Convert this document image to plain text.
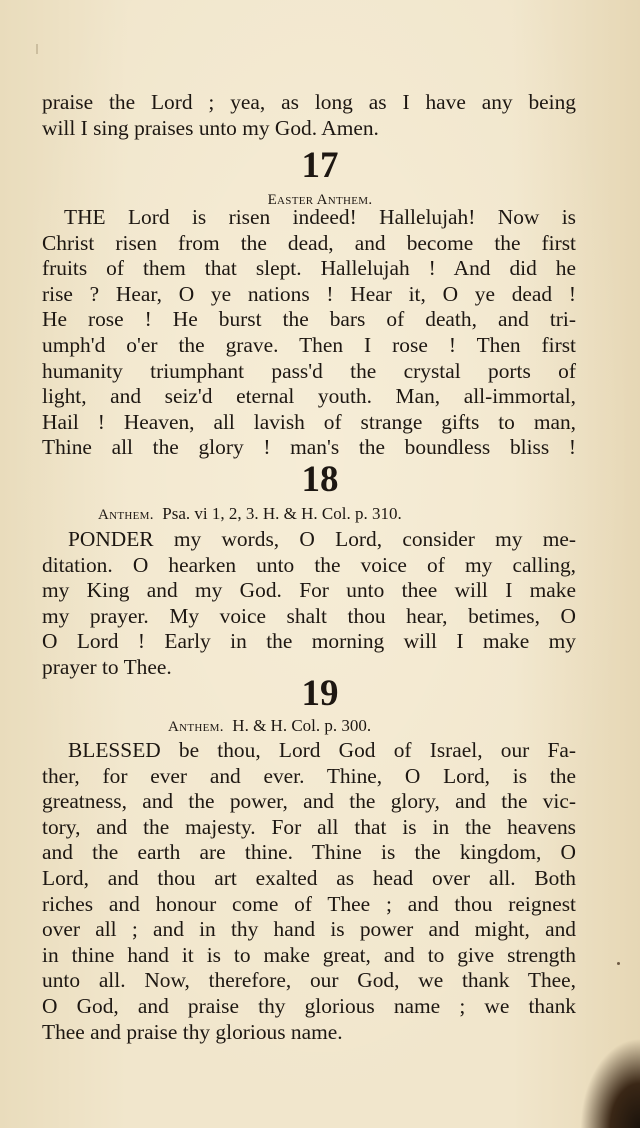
praise the Lord ; yea, as long as I have any being
will I sing praises unto my God. Amen.
17
Easter Anthem.
THE Lord is risen indeed! Hallelujah! Now is
Christ risen from the dead, and become the first
fruits of them that slept. Hallelujah ! And did he
rise ? Hear, O ye nations ! Hear it, O ye dead !
He rose ! He burst the bars of death, and tri-
umph'd o'er the grave. Then I rose ! Then first
humanity triumphant pass'd the crystal ports of
light, and seiz'd eternal youth. Man, all-immortal,
Hail ! Heaven, all lavish of strange gifts to man,
Thine all the glory ! man's the boundless bliss !
18
Anthem. Psa. vi 1, 2, 3. H. & H. Col. p. 310.
PONDER my words, O Lord, consider my me-
ditation. O hearken unto the voice of my calling,
my King and my God. For unto thee will I make
my prayer. My voice shalt thou hear, betimes, O
O Lord ! Early in the morning will I make my
prayer to Thee.
19
Anthem. H. & H. Col. p. 300.
BLESSED be thou, Lord God of Israel, our Fa-
ther, for ever and ever. Thine, O Lord, is the
greatness, and the power, and the glory, and the vic-
tory, and the majesty. For all that is in the heavens
and the earth are thine. Thine is the kingdom, O
Lord, and thou art exalted as head over all. Both
riches and honour come of Thee ; and thou reignest
over all ; and in thy hand is power and might, and
in thine hand it is to make great, and to give strength
unto all. Now, therefore, our God, we thank Thee,
O God, and praise thy glorious name ; we thank
Thee and praise thy glorious name.
